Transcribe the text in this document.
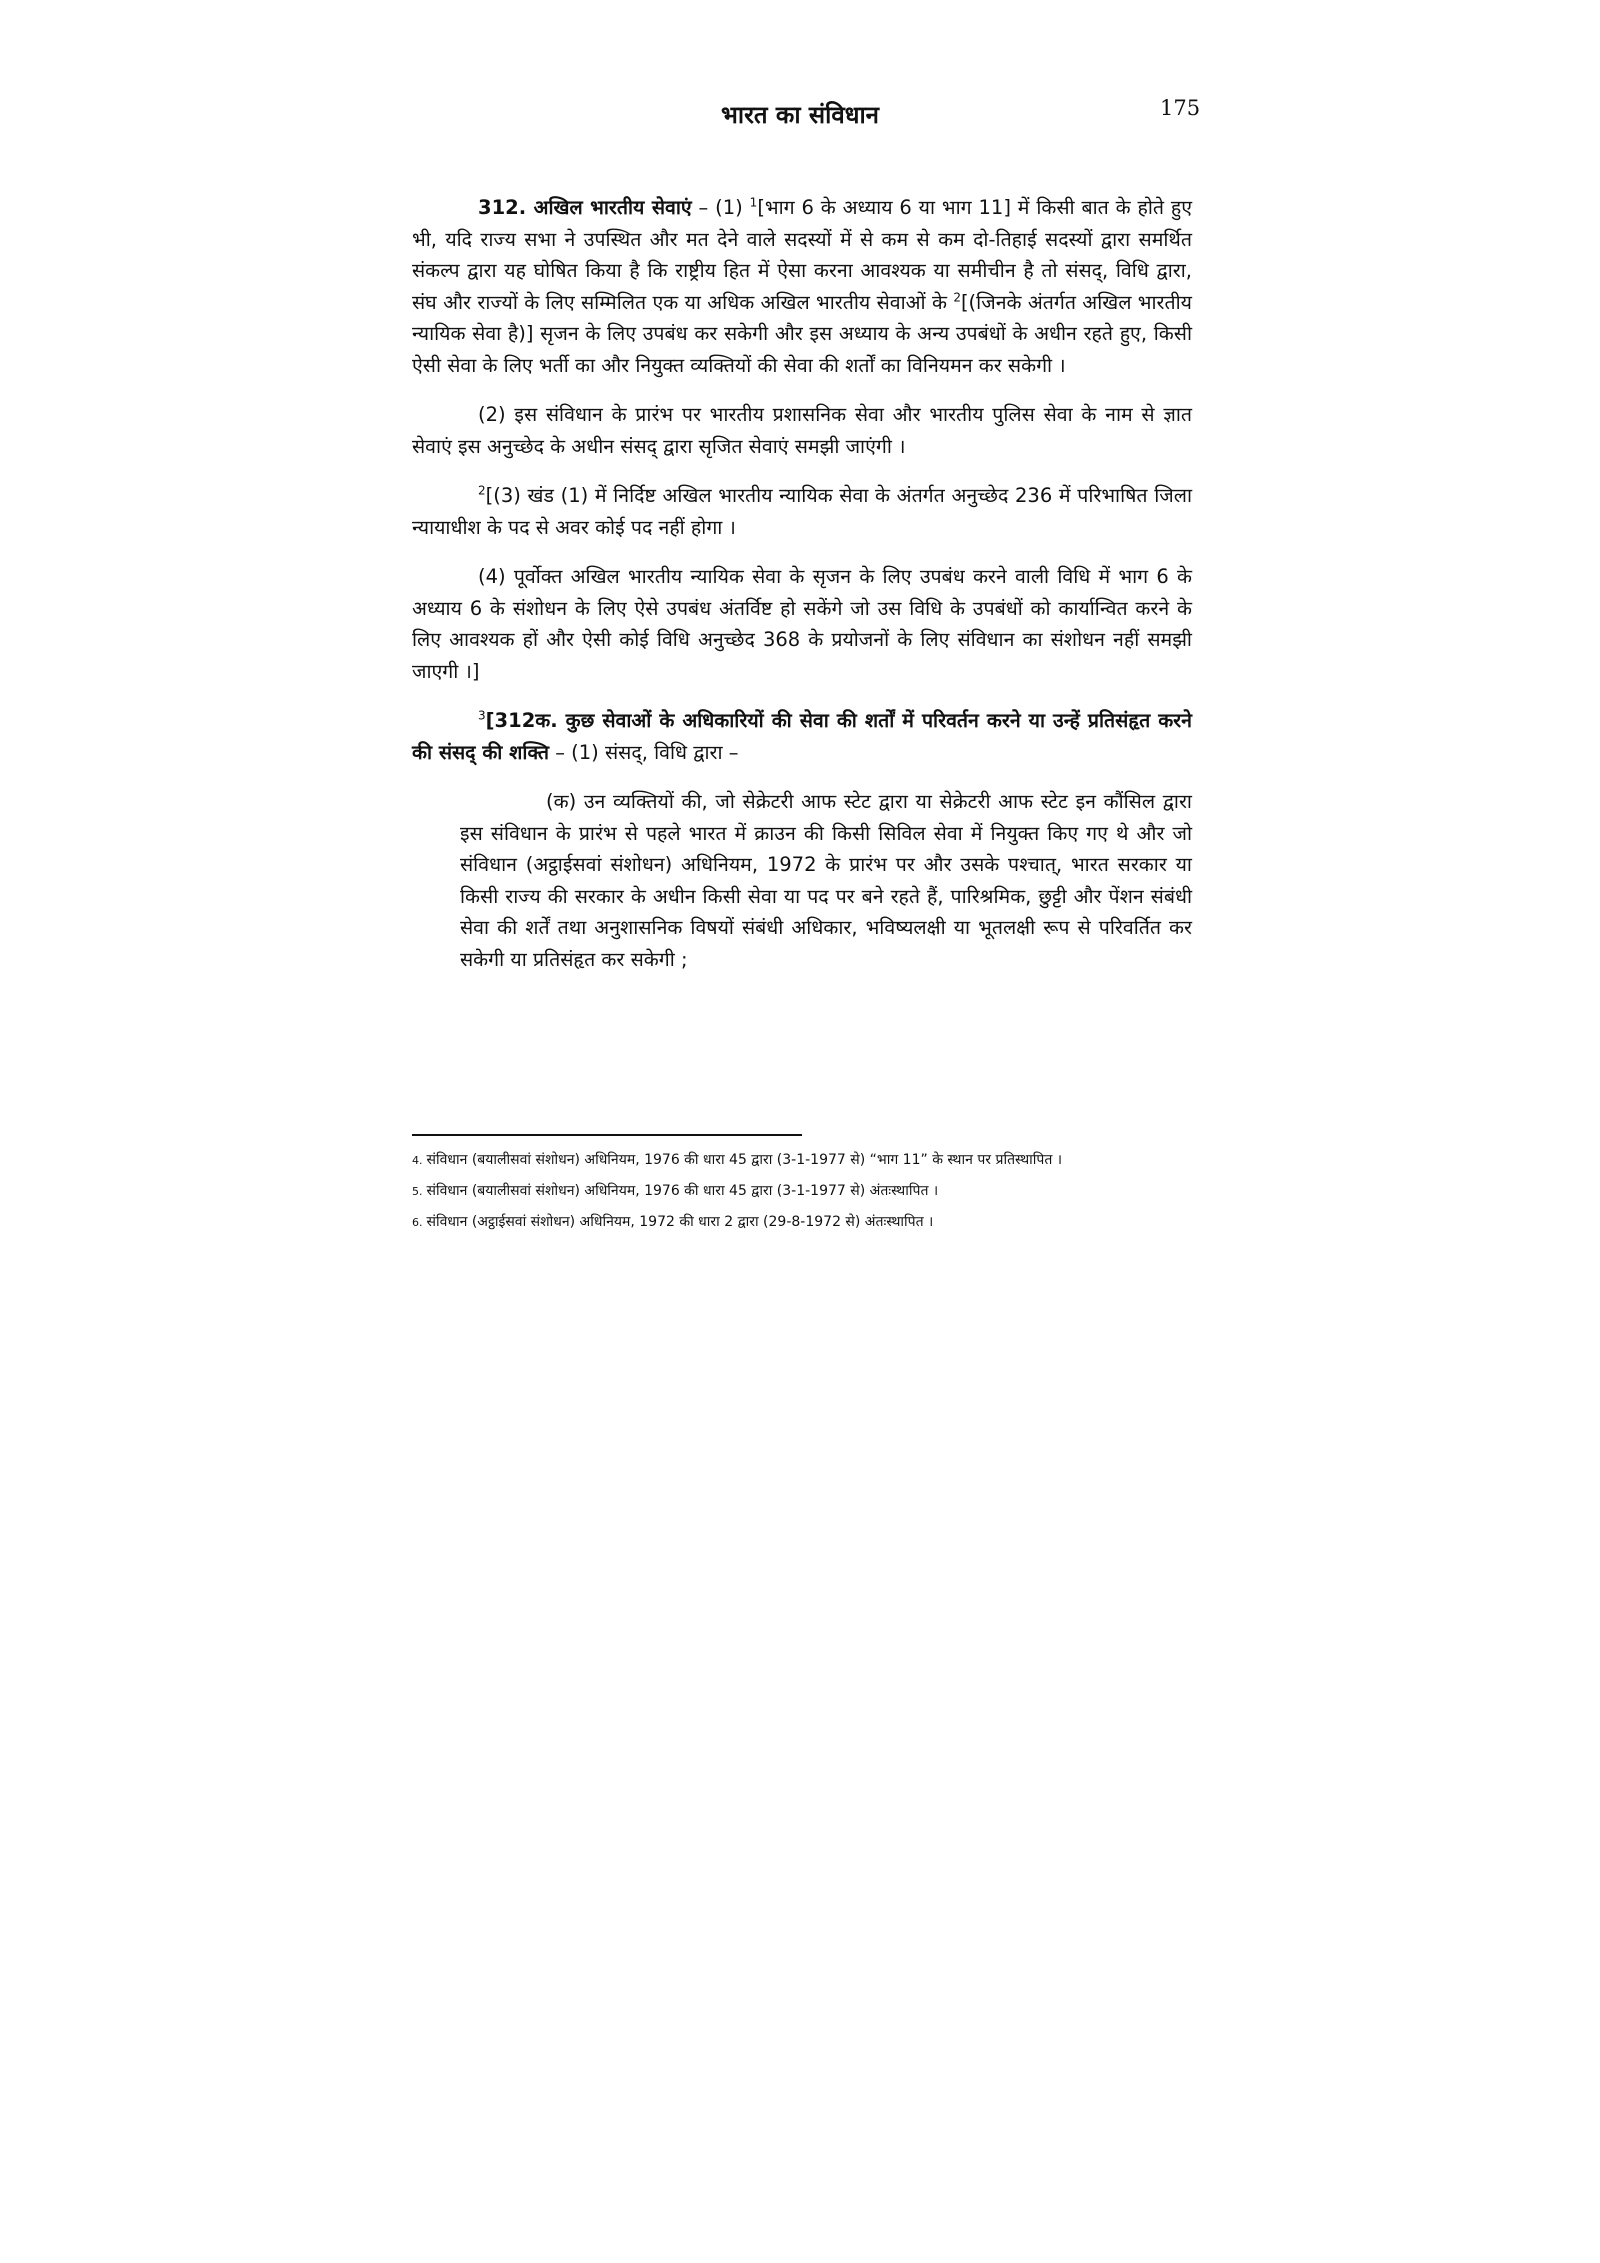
भारत का संविधान	175

312. अखिल भारतीय सेवाएं – (1) $^1$[भाग 6 के अध्याय 6 या भाग 11] में किसी बात के होते हुए भी, यदि राज्य सभा ने उपस्थित और मत देने वाले सदस्यों में से कम से कम दो-तिहाई सदस्यों द्वारा समर्थित संकल्प द्वारा यह घोषित किया है कि राष्ट्रीय हित में ऐसा करना आवश्यक या समीचीन है तो संसद्, विधि द्वारा, संघ और राज्यों के लिए सम्मिलित एक या अधिक अखिल भारतीय सेवाओं के $^2$[(जिनके अंतर्गत अखिल भारतीय न्यायिक सेवा है)] सृजन के लिए उपबंध कर सकेगी और इस अध्याय के अन्य उपबंधों के अधीन रहते हुए, किसी ऐसी सेवा के लिए भर्ती का और नियुक्त व्यक्तियों की सेवा की शर्तों का विनियमन कर सकेगी ।

(2) इस संविधान के प्रारंभ पर भारतीय प्रशासनिक सेवा और भारतीय पुलिस सेवा के नाम से ज्ञात सेवाएं इस अनुच्छेद के अधीन संसद् द्वारा सृजित सेवाएं समझी जाएंगी ।

$^2$[(3) खंड (1) में निर्दिष्ट अखिल भारतीय न्यायिक सेवा के अंतर्गत अनुच्छेद 236 में परिभाषित जिला न्यायाधीश के पद से अवर कोई पद नहीं होगा ।

(4) पूर्वोक्त अखिल भारतीय न्यायिक सेवा के सृजन के लिए उपबंध करने वाली विधि में भाग 6 के अध्याय 6 के संशोधन के लिए ऐसे उपबंध अंतर्विष्ट हो सकेंगे जो उस विधि के उपबंधों को कार्यान्वित करने के लिए आवश्यक हों और ऐसी कोई विधि अनुच्छेद 368 के प्रयोजनों के लिए संविधान का संशोधन नहीं समझी जाएगी ।]

$^3$[312क. कुछ सेवाओं के अधिकारियों की सेवा की शर्तों में परिवर्तन करने या उन्हें प्रतिसंहृत करने की संसद् की शक्ति – (1) संसद्, विधि द्वारा –

(क) उन व्यक्तियों की, जो सेक्रेटरी आफ स्टेट द्वारा या सेक्रेटरी आफ स्टेट इन कौंसिल द्वारा इस संविधान के प्रारंभ से पहले भारत में क्राउन की किसी सिविल सेवा में नियुक्त किए गए थे और जो संविधान (अट्ठाईसवां संशोधन) अधिनियम, 1972 के प्रारंभ पर और उसके पश्चात्, भारत सरकार या किसी राज्य की सरकार के अधीन किसी सेवा या पद पर बने रहते हैं, पारिश्रमिक, छुट्टी और पेंशन संबंधी सेवा की शर्तें तथा अनुशासनिक विषयों संबंधी अधिकार, भविष्यलक्षी या भूतलक्षी रूप से परिवर्तित कर सकेगी या प्रतिसंहृत कर सकेगी ;

4. संविधान (बयालीसवां संशोधन) अधिनियम, 1976 की धारा 45 द्वारा (3-1-1977 से) “भाग 11” के स्थान पर प्रतिस्थापित ।

5. संविधान (बयालीसवां संशोधन) अधिनियम, 1976 की धारा 45 द्वारा (3-1-1977 से) अंतःस्थापित ।

6. संविधान (अट्ठाईसवां संशोधन) अधिनियम, 1972 की धारा 2 द्वारा (29-8-1972 से) अंतःस्थापित ।
